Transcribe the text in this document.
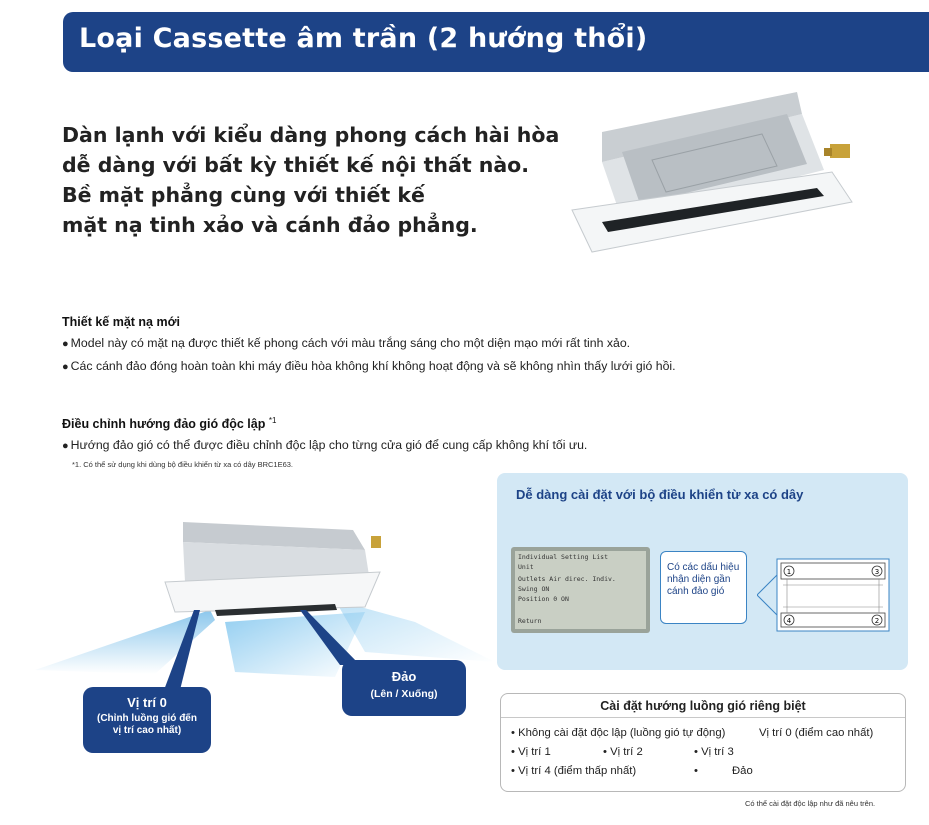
Loại Cassette âm trần (2 hướng thổi)

Dàn lạnh với kiểu dàng phong cách hài hòa

dễ dàng với bất kỳ thiết kế nội thất nào.

Bề mặt phẳng cùng với thiết kế

mặt nạ tinh xảo và cánh đảo phẳng.

Thiết kế mặt nạ mới
● Model này có mặt nạ được thiết kế phong cách với màu trắng sáng cho một diện mạo mới rất tinh xảo.
● Các cánh đảo đóng hoàn toàn khi máy điều hòa không khí không hoạt động và sẽ không nhìn thấy lưới gió hồi.
Điều chỉnh hướng đảo gió độc lập $^{*1}$
● Hướng đảo gió có thể được điều chỉnh độc lập cho từng cửa gió để cung cấp không khí tối ưu.
*1. Có thể sử dụng khi dùng bộ điều khiển từ xa có dây BRC1E63.
Dễ dàng cài đặt với bộ điều khiển từ xa có dây
Individual Setting List
Unit
Outlets Air direc. Indiv.
Swing ON
Position 0 ON
Return
Có các dấu hiệu
nhận diện gần
cánh đảo gió
1	3
4	2
Cài đặt hướng luồng gió riêng biệt
• Không cài đặt độc lập (luồng gió tự động)	Vị trí 0 (điểm cao nhất)
• Vị trí 1	• Vị trí 2	• Vị trí 3
• Vị trí 4 (điểm thấp nhất)	•	Đảo
Có thể cài đặt độc lập như đã nêu trên.
Vị trí 0
(Chỉnh luồng gió đến
vị trí cao nhất)
Đảo
(Lên / Xuống)
